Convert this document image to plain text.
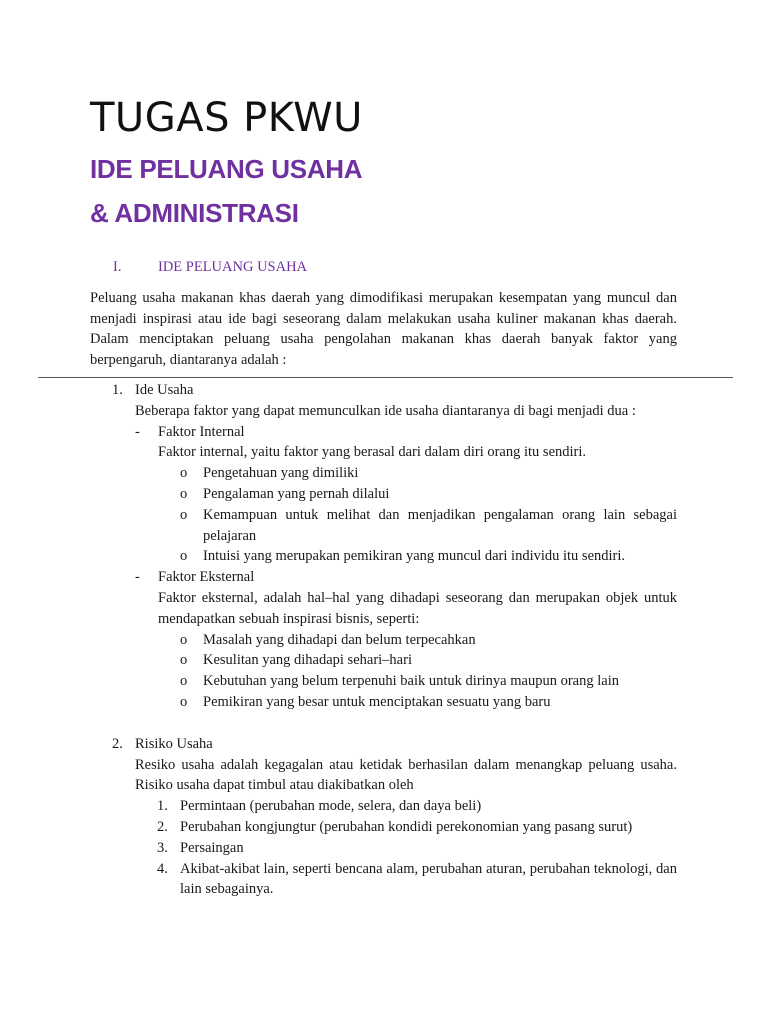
TUGAS PKWU
IDE PELUANG USAHA
& ADMINISTRASI

I.	IDE PELUANG USAHA

Peluang usaha makanan khas daerah yang dimodifikasi merupakan kesempatan yang muncul dan menjadi inspirasi atau ide bagi seseorang dalam melakukan usaha kuliner makanan khas daerah. Dalam menciptakan peluang usaha pengolahan makanan khas daerah banyak faktor yang berpengaruh, diantaranya adalah :

1. Ide Usaha
Beberapa faktor yang dapat memunculkan ide usaha diantaranya di bagi menjadi dua :
- Faktor Internal
Faktor internal, yaitu faktor yang berasal dari dalam diri orang itu sendiri.
o Pengetahuan yang dimiliki
o Pengalaman yang pernah dilalui
o Kemampuan untuk melihat dan menjadikan pengalaman orang lain sebagai pelajaran
o Intuisi yang merupakan pemikiran yang muncul dari individu itu sendiri.
- Faktor Eksternal
Faktor eksternal, adalah hal–hal yang dihadapi seseorang dan merupakan objek untuk mendapatkan sebuah inspirasi bisnis, seperti:
o Masalah yang dihadapi dan belum terpecahkan
o Kesulitan yang dihadapi sehari–hari
o Kebutuhan yang belum terpenuhi baik untuk dirinya maupun orang lain
o Pemikiran yang besar untuk menciptakan sesuatu yang baru
2. Risiko Usaha
Resiko usaha adalah kegagalan atau ketidak berhasilan dalam menangkap peluang usaha. Risiko usaha dapat timbul atau diakibatkan oleh
1. Permintaan (perubahan mode, selera, dan daya beli)
2. Perubahan kongjungtur (perubahan kondidi perekonomian yang pasang surut)
3. Persaingan
4. Akibat-akibat lain, seperti bencana alam, perubahan aturan, perubahan teknologi, dan lain sebagainya.
